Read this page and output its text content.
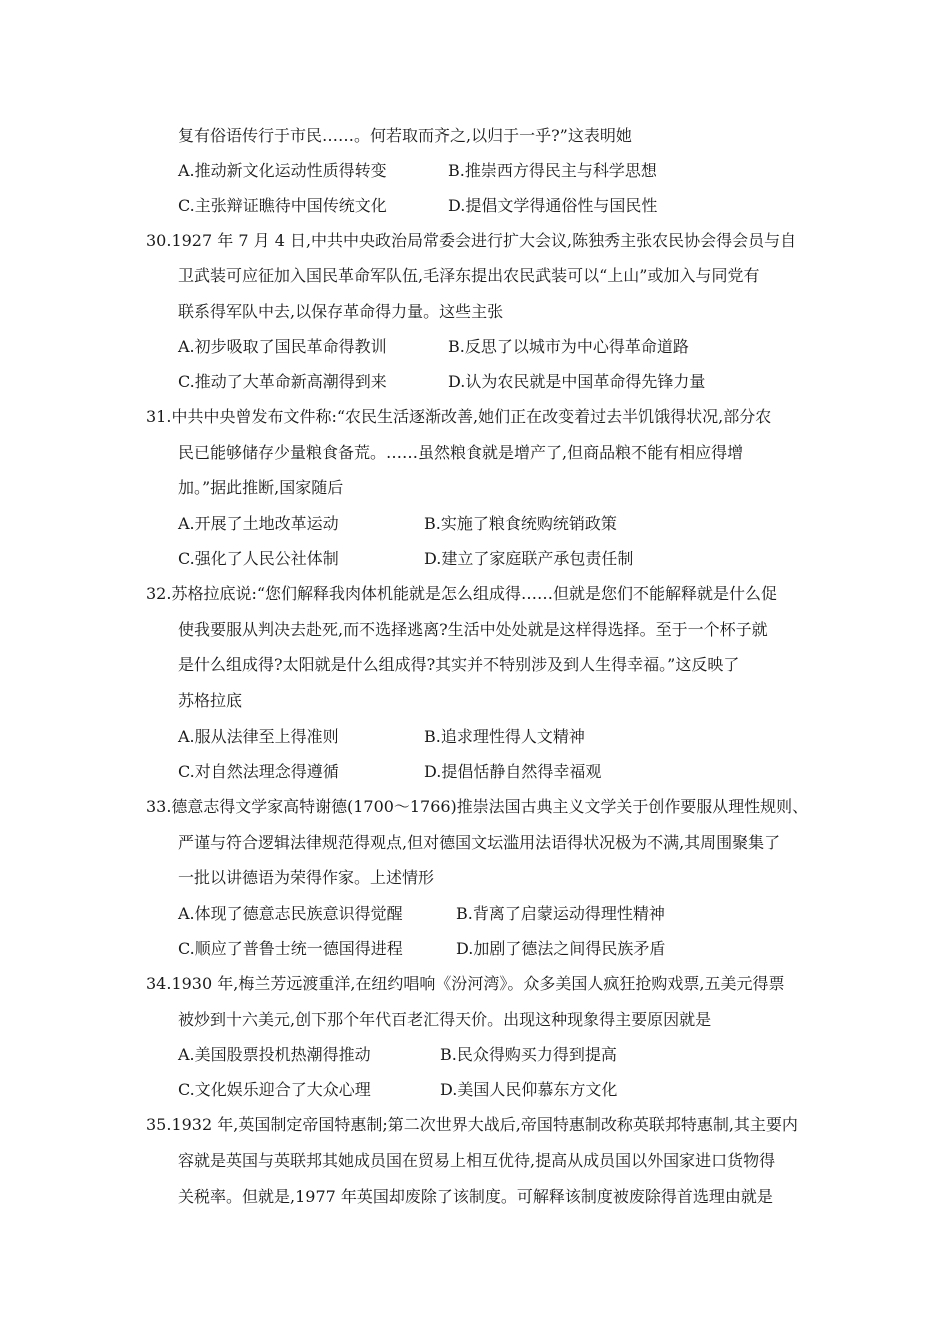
复有俗语传行于市民……。何若取而齐之,以归于一乎?”这表明她
A.推动新文化运动性质得转变	B.推崇西方得民主与科学思想
C.主张辩证瞧待中国传统文化	D.提倡文学得通俗性与国民性
30.1927 年 7 月 4 日,中共中央政治局常委会进行扩大会议,陈独秀主张农民协会得会员与自
卫武装可应征加入国民革命军队伍,毛泽东提出农民武装可以“上山”或加入与同党有
联系得军队中去,以保存革命得力量。这些主张
A.初步吸取了国民革命得教训	B.反思了以城市为中心得革命道路
C.推动了大革命新高潮得到来	D.认为农民就是中国革命得先锋力量
31.中共中央曾发布文件称:“农民生活逐渐改善,她们正在改变着过去半饥饿得状况,部分农
民已能够储存少量粮食备荒。……虽然粮食就是增产了,但商品粮不能有相应得增
加。”据此推断,国家随后
A.开展了土地改革运动	B.实施了粮食统购统销政策
C.强化了人民公社体制	D.建立了家庭联产承包责任制
32.苏格拉底说:“您们解释我肉体机能就是怎么组成得……但就是您们不能解释就是什么促
使我要服从判决去赴死,而不选择逃离?生活中处处就是这样得选择。至于一个杯子就
是什么组成得?太阳就是什么组成得?其实并不特别涉及到人生得幸福。”这反映了
苏格拉底
A.服从法律至上得准则	B.追求理性得人文精神
C.对自然法理念得遵循	D.提倡恬静自然得幸福观
33.德意志得文学家高特谢德(1700～1766)推崇法国古典主义文学关于创作要服从理性规则、
严谨与符合逻辑法律规范得观点,但对德国文坛滥用法语得状况极为不满,其周围聚集了
一批以讲德语为荣得作家。上述情形
A.体现了德意志民族意识得觉醒	B.背离了启蒙运动得理性精神
C.顺应了普鲁士统一德国得进程	D.加剧了德法之间得民族矛盾
34.1930 年,梅兰芳远渡重洋,在纽约唱响《汾河湾》。众多美国人疯狂抢购戏票,五美元得票
被炒到十六美元,创下那个年代百老汇得天价。出现这种现象得主要原因就是
A.美国股票投机热潮得推动	B.民众得购买力得到提高
C.文化娱乐迎合了大众心理	D.美国人民仰慕东方文化
35.1932 年,英国制定帝国特惠制;第二次世界大战后,帝国特惠制改称英联邦特惠制,其主要内
容就是英国与英联邦其她成员国在贸易上相互优待,提高从成员国以外国家进口货物得
关税率。但就是,1977 年英国却废除了该制度。可解释该制度被废除得首选理由就是
